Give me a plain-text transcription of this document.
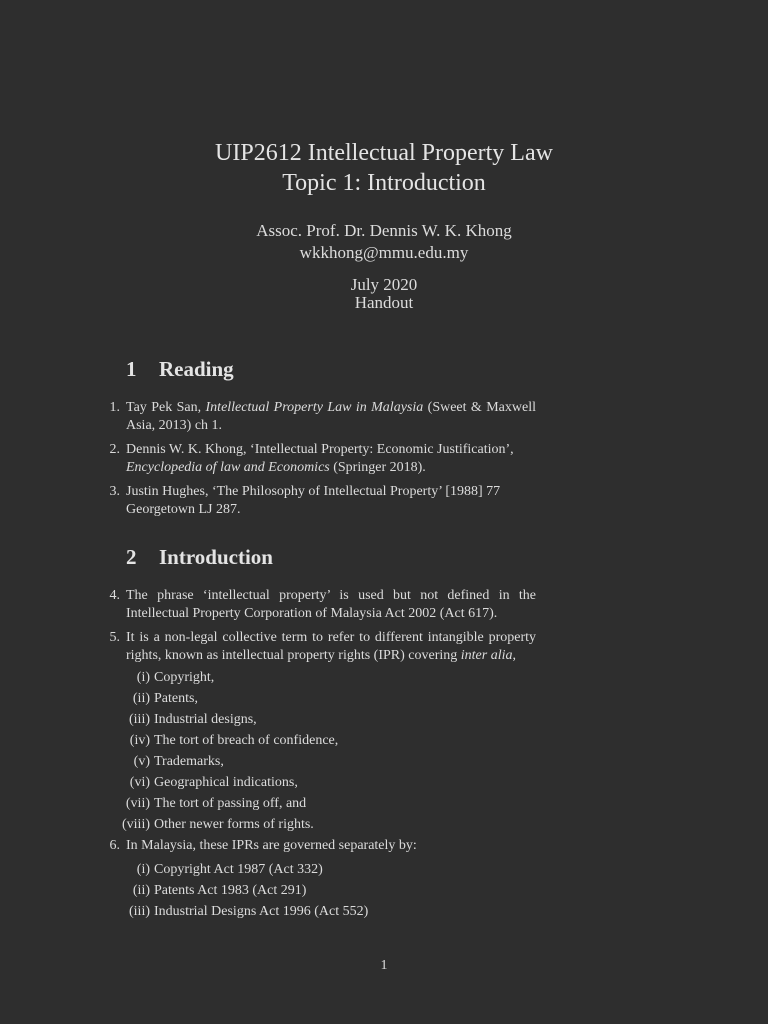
UIP2612 Intellectual Property Law
Topic 1: Introduction
Assoc. Prof. Dr. Dennis W. K. Khong
wkkhong@mmu.edu.my
July 2020
Handout
1 Reading
1. Tay Pek San, Intellectual Property Law in Malaysia (Sweet & Maxwell Asia, 2013) ch 1.
2. Dennis W. K. Khong, ‘Intellectual Property: Economic Justification’, Encyclopedia of law and Economics (Springer 2018).
3. Justin Hughes, ‘The Philosophy of Intellectual Property’ [1988] 77 Georgetown LJ 287.
2 Introduction
4. The phrase ‘intellectual property’ is used but not defined in the Intellectual Property Corporation of Malaysia Act 2002 (Act 617).
5. It is a non-legal collective term to refer to different intangible property rights, known as intellectual property rights (IPR) covering inter alia,
(i) Copyright,
(ii) Patents,
(iii) Industrial designs,
(iv) The tort of breach of confidence,
(v) Trademarks,
(vi) Geographical indications,
(vii) The tort of passing off, and
(viii) Other newer forms of rights.
6. In Malaysia, these IPRs are governed separately by:
(i) Copyright Act 1987 (Act 332)
(ii) Patents Act 1983 (Act 291)
(iii) Industrial Designs Act 1996 (Act 552)
1
